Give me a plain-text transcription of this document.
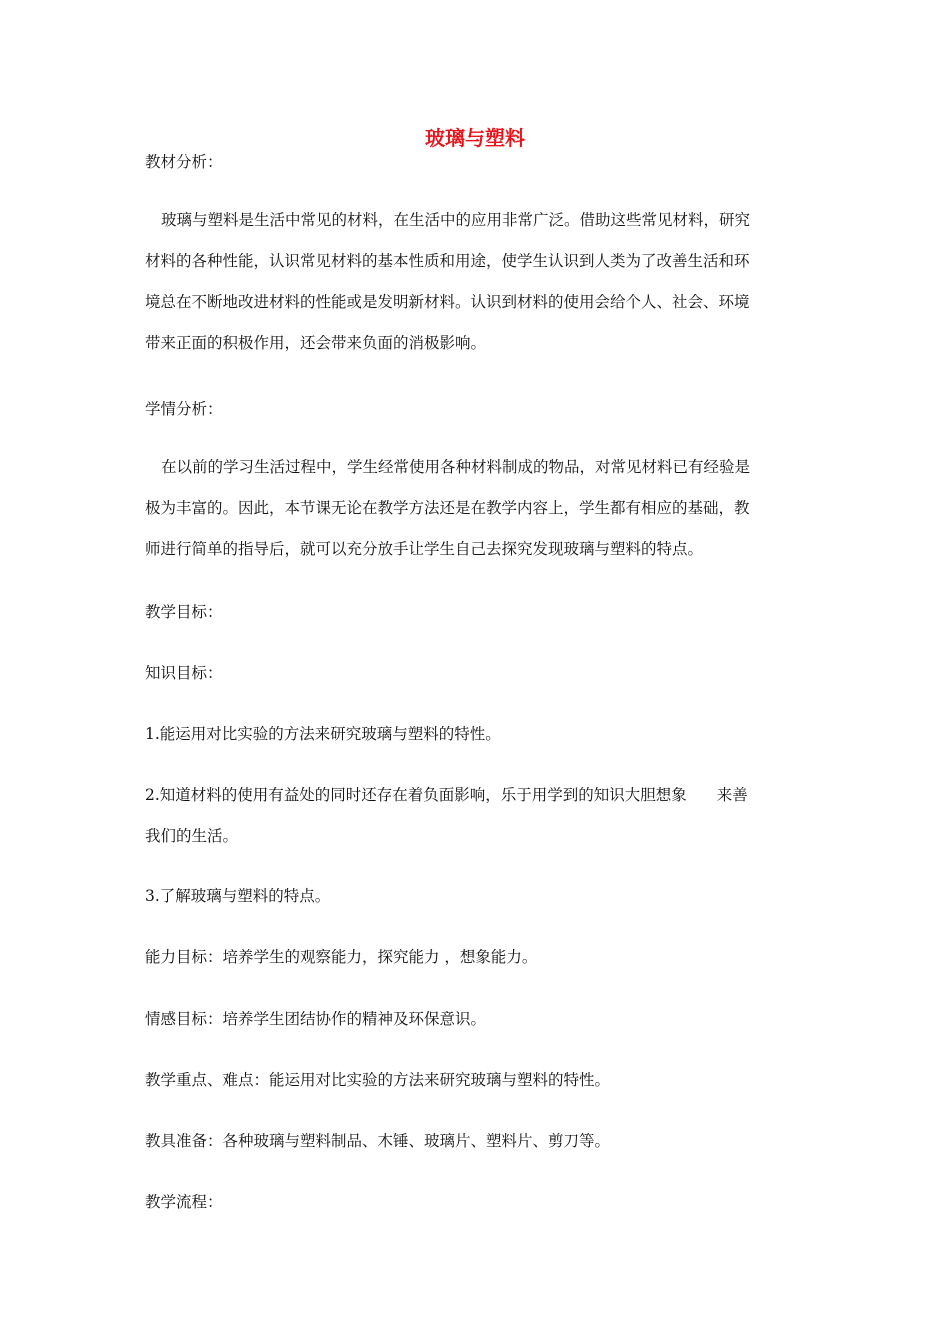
玻璃与塑料

教材分析：

玻璃与塑料是生活中常见的材料，在生活中的应用非常广泛。借助这些常见材料，研究
材料的各种性能，认识常见材料的基本性质和用途，使学生认识到人类为了改善生活和环
境总在不断地改进材料的性能或是发明新材料。认识到材料的使用会给个人、社会、环境
带来正面的积极作用，还会带来负面的消极影响。

学情分析：

在以前的学习生活过程中，学生经常使用各种材料制成的物品，对常见材料已有经验是
极为丰富的。因此，本节课无论在教学方法还是在教学内容上，学生都有相应的基础，教
师进行简单的指导后，就可以充分放手让学生自己去探究发现玻璃与塑料的特点。

教学目标：

知识目标：

1.能运用对比实验的方法来研究玻璃与塑料的特性。

2.知道材料的使用有益处的同时还存在着负面影响，乐于用学到的知识大胆想象 来善

我们的生活。

3.了解玻璃与塑料的特点。

能力目标：培养学生的观察能力，探究能力 ，想象能力。

情感目标：培养学生团结协作的精神及环保意识。

教学重点、难点：能运用对比实验的方法来研究玻璃与塑料的特性。

教具准备：各种玻璃与塑料制品、木锤、玻璃片、塑料片、剪刀等。

教学流程：
